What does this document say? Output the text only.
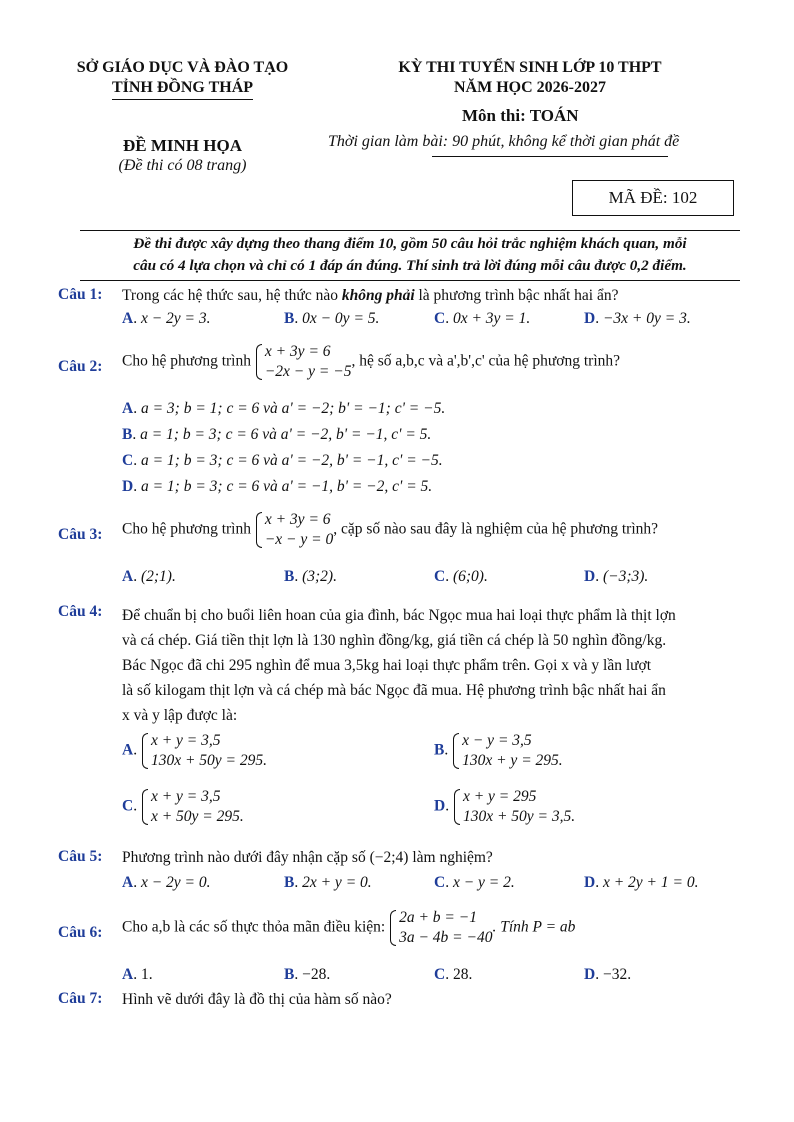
SỞ GIÁO DỤC VÀ ĐÀO TẠO
TỈNH ĐỒNG THÁP
KỲ THI TUYỂN SINH LỚP 10 THPT
NĂM HỌC 2026-2027
Môn thi: TOÁN
ĐỀ MINH HỌA
(Đề thi có 08 trang)
Thời gian làm bài: 90 phút, không kể thời gian phát đề
MÃ ĐỀ: 102
Đề thi được xây dựng theo thang điểm 10, gồm 50 câu hỏi trắc nghiệm khách quan, mỗi
câu có 4 lựa chọn và chỉ có 1 đáp án đúng. Thí sinh trả lời đúng mỗi câu được 0,2 điểm.
Câu 1: Trong các hệ thức sau, hệ thức nào không phải là phương trình bậc nhất hai ẩn?
A. x − 2y = 3.	B. 0x − 0y = 5.	C. 0x + 3y = 1.	D. −3x + 0y = 3.
Câu 2: Cho hệ phương trình
x + 3y = 6
−2x − y = −5
, hệ số a,b,c và a',b',c' của hệ phương trình?
A. a = 3; b = 1; c = 6 và a' = −2; b' = −1; c' = −5.
B. a = 1; b = 3; c = 6 và a' = −2, b' = −1, c' = 5.
C. a = 1; b = 3; c = 6 và a' = −2, b' = −1, c' = −5.
D. a = 1; b = 3; c = 6 và a' = −1, b' = −2, c' = 5.
Câu 3: Cho hệ phương trình
x + 3y = 6
−x − y = 0
, cặp số nào sau đây là nghiệm của hệ phương trình?
A. (2;1).	B. (3;2).	C. (6;0).	D. (−3;3).
Câu 4: Để chuẩn bị cho buổi liên hoan của gia đình, bác Ngọc mua hai loại thực phẩm là thịt lợn
và cá chép. Giá tiền thịt lợn là 130 nghìn đồng/kg, giá tiền cá chép là 50 nghìn đồng/kg.
Bác Ngọc đã chi 295 nghìn để mua 3,5kg hai loại thực phẩm trên. Gọi x và y lần lượt
là số kilogam thịt lợn và cá chép mà bác Ngọc đã mua. Hệ phương trình bậc nhất hai ẩn
x và y lập được là:
A.
x + y = 3,5
130x + 50y = 295.
B.
x − y = 3,5
130x + y = 295.
C.
x + y = 3,5
x + 50y = 295.
D.
x + y = 295
130x + 50y = 3,5.
Câu 5: Phương trình nào dưới đây nhận cặp số (−2;4) làm nghiệm?
A. x − 2y = 0.	B. 2x + y = 0.	C. x − y = 2.	D. x + 2y + 1 = 0.
Câu 6: Cho a,b là các số thực thỏa mãn điều kiện:
2a + b = −1
3a − 4b = −40
. Tính P = ab
A. 1.	B. −28.	C. 28.	D. −32.
Câu 7: Hình vẽ dưới đây là đồ thị của hàm số nào?
